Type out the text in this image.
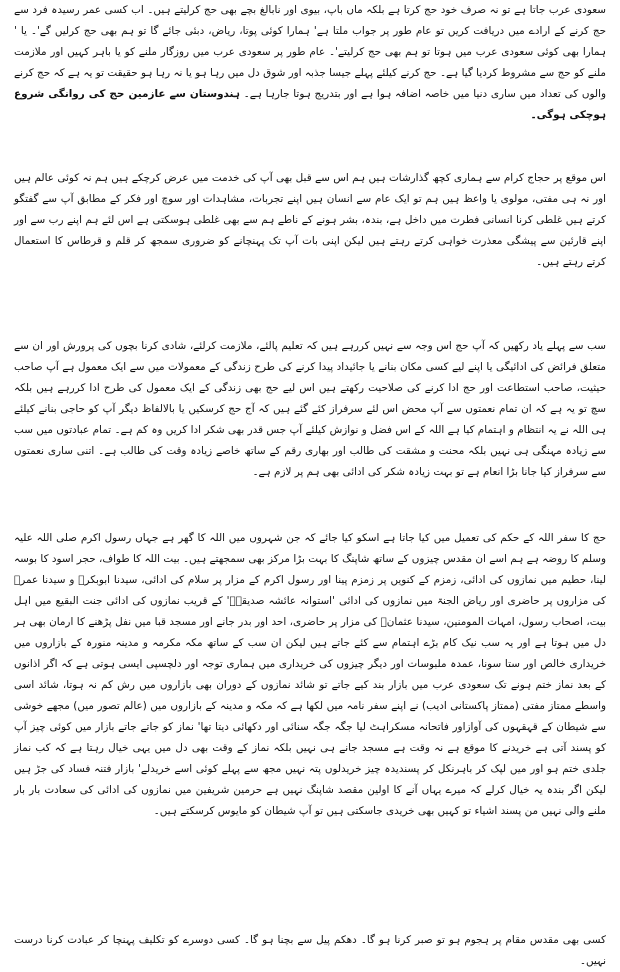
سعودی عرب جاتا ہے تو نہ صرف خود حج کرتا ہے بلکہ ماں باپ، بیوی اور نابالغ بچے بھی حج کرلیتے ہیں۔ اب کسی عمر رسیدہ فرد سے حج کرنے کے ارادے میں دریافت کریں تو عام طور پر جواب ملتا ہے' ہمارا کوئی پوتا، ریاض، دبئی جائے گا تو ہم بھی حج کرلیں گے'۔ یا ' ہمارا بھی کوئی سعودی عرب میں ہوتا تو ہم بھی حج کرلیتے'۔ عام طور پر سعودی عرب میں روزگار ملنے کو یا باہر کہیں اور ملازمت ملنے کو حج سے مشروط کردیا گیا ہے۔ حج کرنے کیلئے پہلے جیسا جذبہ اور شوق دل میں رہا ہو یا نہ رہا ہو حقیقت تو یہ ہے کہ حج کرنے والوں کی تعداد میں ساری دنیا میں خاصہ اضافہ ہوا ہے اور بتدریج ہوتا جارہا ہے۔ ہندوستان سے عازمین حج کی روانگی شروع ہوچکی ہوگی۔

اس موقع پر حجاج کرام سے ہماری کچھ گذارشات ہیں ہم اس سے قبل بھی آپ کی خدمت میں عرض کرچکے ہیں ہم نہ کوئی عالم ہیں اور نہ ہی مفتی، مولوی یا واعظ ہیں ہم تو ایک عام سے انسان ہیں اپنے تجربات، مشاہدات اور سوچ اور فکر کے مطابق آپ سے گفتگو کرتے ہیں غلطی کرنا انسانی فطرت میں داخل ہے، بندہ، بشر ہونے کے ناطے ہم سے بھی غلطی ہوسکتی ہے اس لئے ہم اپنے رب سے اور اپنے قارئین سے پیشگی معذرت خواہی کرتے رہتے ہیں لیکن اپنی بات آپ تک پہنچانے کو ضروری سمجھ کر قلم و قرطاس کا استعمال کرتے رہتے ہیں۔

سب سے پہلے یاد رکھیں کہ آپ حج اس وجہ سے نہیں کررہے ہیں کہ تعلیم پالئے، ملازمت کرلئے، شادی کرنا بچوں کی پرورش اور ان سے متعلق فرائض کی ادائیگی یا اپنے لیے کسی مکان بنانے یا جائیداد پیدا کرنے کی طرح زندگی کے معمولات میں سے ایک معمول ہے آپ صاحب حیثیت، صاحب استطاعت اور حج ادا کرنے کی صلاحیت رکھتے ہیں اس لیے حج بھی زندگی کے ایک معمول کی طرح ادا کررہے ہیں بلکہ سچ تو یہ ہے کہ ان تمام نعمتوں سے آپ محض اس لئے سرفراز کئے گئے ہیں کہ آج حج کرسکیں یا بالالفاظ دیگر آپ کو حاجی بنانے کیلئے ہی اللہ نے یہ انتظام و اہتمام کیا ہے اللہ کے اس فضل و نوازش کیلئے آپ جس قدر بھی شکر ادا کریں وہ کم ہے۔ تمام عبادتوں میں سب سے زیادہ مہنگی ہی نہیں بلکہ محنت و مشقت کی طالب اور بھاری رقم کے ساتھ خاصے زیادہ وقت کی طالب ہے۔ اتنی ساری نعمتوں سے سرفراز کیا جانا بڑا انعام ہے تو بہت زیادہ شکر کی ادائی بھی ہم پر لازم ہے۔

حج کا سفر اللہ کے حکم کی تعمیل میں کیا جاتا ہے اسکو کیا جائے کہ جن شہروں میں اللہ کا گھر ہے جہاں رسول اکرم صلی اللہ علیہ وسلم کا روضہ ہے ہم اسے ان مقدس چیزوں کے ساتھ شاپنگ کا بہت بڑا مرکز بھی سمجھتے ہیں۔ بیت اللہ کا طواف، حجر اسود کا بوسہ لینا، حطیم میں نمازوں کی ادائی، زمزم کے کنویں پر زمزم پینا اور رسول اکرم کے مزار پر سلام کی ادائی، سیدنا ابوبکرؓ و سیدنا عمرؓ کی مزاروں پر حاضری اور ریاض الجنۃ میں نمازوں کی ادائی 'استوانہ عائشہ صدیقہؓ' کے قریب نمازوں کی ادائی جنت البقیع میں اہل بیت، اصحاب رسول، امہات المومنین، سیدنا عثمانؓ کی مزار پر حاضری، احد اور بدر جانے اور مسجد قبا میں نفل پڑھنے کا ارمان بھی ہر دل میں ہوتا ہے اور یہ سب نیک کام بڑے اہتمام سے کئے جاتے ہیں لیکن ان سب کے ساتھ مکہ مکرمہ و مدینہ منورہ کے بازاروں میں خریداری خالص اور ستا سونا، عمدہ ملبوسات اور دیگر چیزوں کی خریداری میں ہماری توجہ اور دلچسپی ایسی ہوتی ہے کہ اگر اذانوں کے بعد نماز ختم ہونے تک سعودی عرب میں بازار بند کیے جاتے تو شائد نمازوں کے دوران بھی بازاروں میں رش کم نہ ہوتا، شائد اسی واسطے ممتاز مفتی (ممتاز پاکستانی ادیب) نے اپنے سفر نامہ میں لکھا ہے کہ مکہ و مدینہ کے بازاروں میں (عالم تصور میں) مجھے خوشی سے شیطان کے قہقہوں کی آوازاور فاتحانہ مسکراہٹ لیا جگہ جگہ سنائی اور دکھائی دیتا تھا' نماز کو جاتے جاتے بازار میں کوئی چیز آپ کو پسند آتی ہے خریدنے کا موقع ہے نہ وقت ہے مسجد جانے ہی نہیں بلکہ نماز کے وقت بھی دل میں یہی خیال رہتا ہے کہ کب نماز جلدی ختم ہو اور میں لپک کر باہرنکل کر پسندیدہ چیز خریدلوں پتہ نہیں مجھ سے پہلے کوئی اسے خریدلے' بازار فتنہ فساد کی جڑ ہیں لیکن اگر بندہ یہ خیال کرلے کہ میرے یہاں آنے کا اولین مقصد شاپنگ نہیں ہے حرمین شریفین میں نمازوں کی ادائی کی سعادت بار بار ملنے والی نہیں من پسند اشیاء تو کہیں بھی خریدی جاسکتی ہیں تو آپ شیطان کو مایوس کرسکتے ہیں۔

کسی بھی مقدس مقام پر ہجوم ہو تو صبر کرنا ہو گا۔ دھکم پیل سے بچنا ہو گا۔ کسی دوسرے کو تکلیف پہنچا کر عبادت کرنا درست نہیں۔
